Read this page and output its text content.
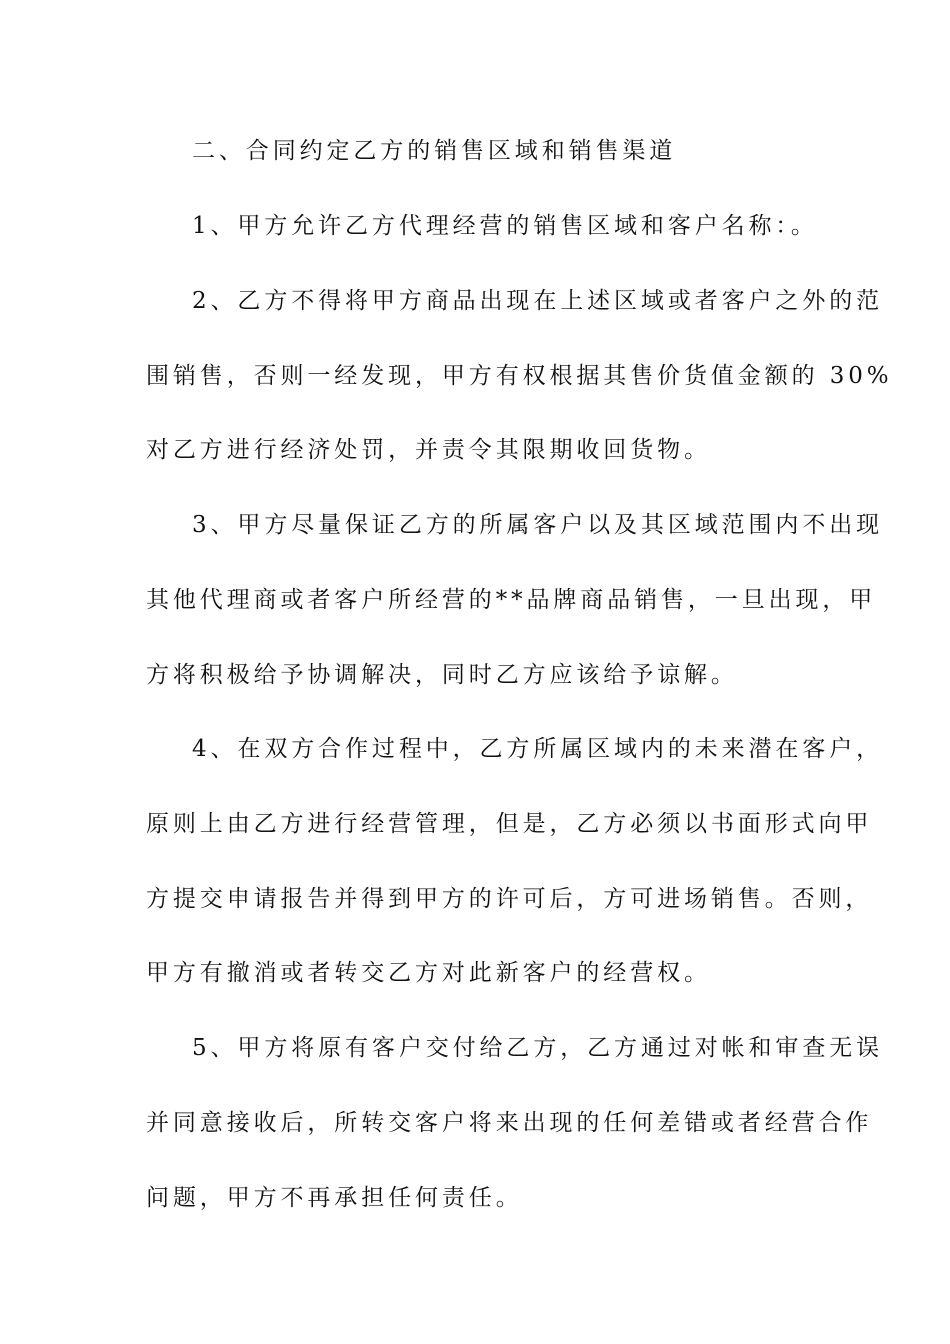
二、合同约定乙方的销售区域和销售渠道
1、甲方允许乙方代理经营的销售区域和客户名称：。
2、乙方不得将甲方商品出现在上述区域或者客户之外的范
围销售，否则一经发现，甲方有权根据其售价货值金额的 30%
对乙方进行经济处罚，并责令其限期收回货物。
3、甲方尽量保证乙方的所属客户以及其区域范围内不出现
其他代理商或者客户所经营的**品牌商品销售，一旦出现，甲
方将积极给予协调解决，同时乙方应该给予谅解。
4、在双方合作过程中，乙方所属区域内的未来潜在客户，
原则上由乙方进行经营管理，但是，乙方必须以书面形式向甲
方提交申请报告并得到甲方的许可后，方可进场销售。否则，
甲方有撤消或者转交乙方对此新客户的经营权。
5、甲方将原有客户交付给乙方，乙方通过对帐和审查无误
并同意接收后，所转交客户将来出现的任何差错或者经营合作
问题，甲方不再承担任何责任。
